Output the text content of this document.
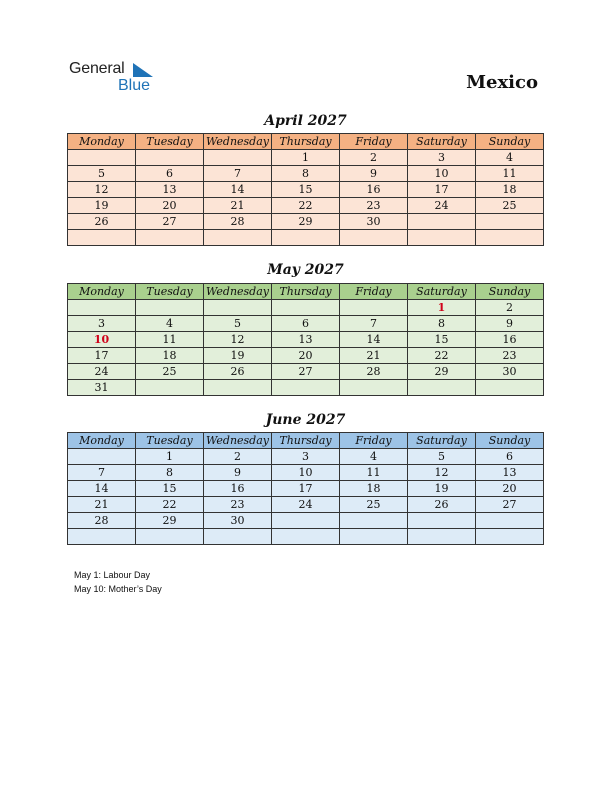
General
Blue	Mexico
April 2027
Monday	Tuesday	Wednesday	Thursday	Friday	Saturday	Sunday
			1	2	3	4
5	6	7	8	9	10	11
12	13	14	15	16	17	18
19	20	21	22	23	24	25
26	27	28	29	30		

May 2027
Monday	Tuesday	Wednesday	Thursday	Friday	Saturday	Sunday
					1	2
3	4	5	6	7	8	9
10	11	12	13	14	15	16
17	18	19	20	21	22	23
24	25	26	27	28	29	30
31						
June 2027
Monday	Tuesday	Wednesday	Thursday	Friday	Saturday	Sunday
	1	2	3	4	5	6
7	8	9	10	11	12	13
14	15	16	17	18	19	20
21	22	23	24	25	26	27
28	29	30				

May 1: Labour Day
May 10: Mother’s Day
